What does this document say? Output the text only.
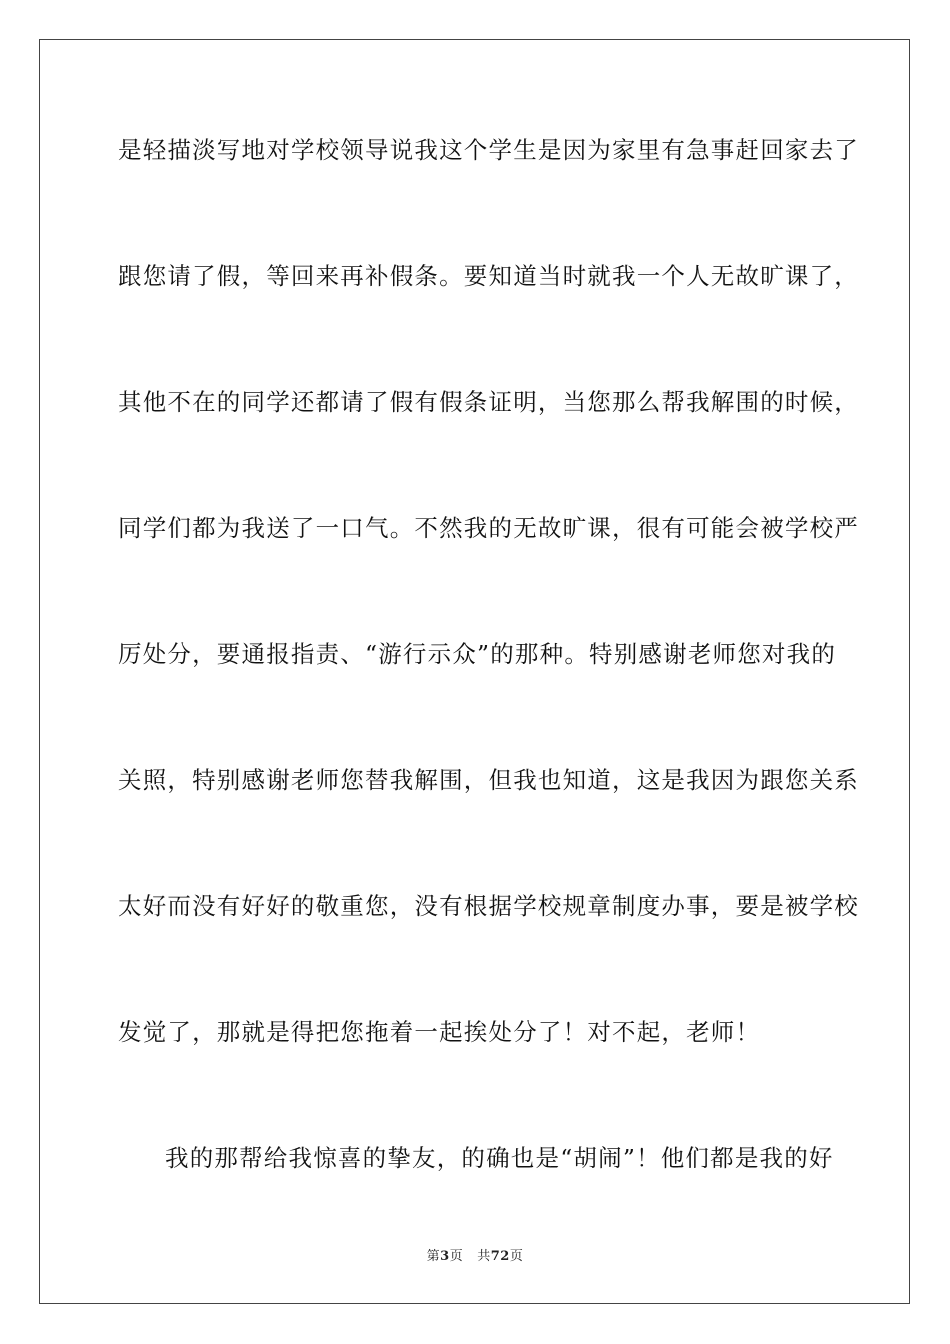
是轻描淡写地对学校领导说我这个学生是因为家里有急事赶回家去了
跟您请了假，等回来再补假条。要知道当时就我一个人无故旷课了，
其他不在的同学还都请了假有假条证明，当您那么帮我解围的时候，
同学们都为我送了一口气。不然我的无故旷课，很有可能会被学校严
厉处分，要通报指责、“游行示众”的那种。特别感谢老师您对我的
关照，特别感谢老师您替我解围，但我也知道，这是我因为跟您关系
太好而没有好好的敬重您，没有根据学校规章制度办事，要是被学校
发觉了，那就是得把您拖着一起挨处分了！对不起，老师！
我的那帮给我惊喜的挚友，的确也是“胡闹”！他们都是我的好
第3页 共72页
